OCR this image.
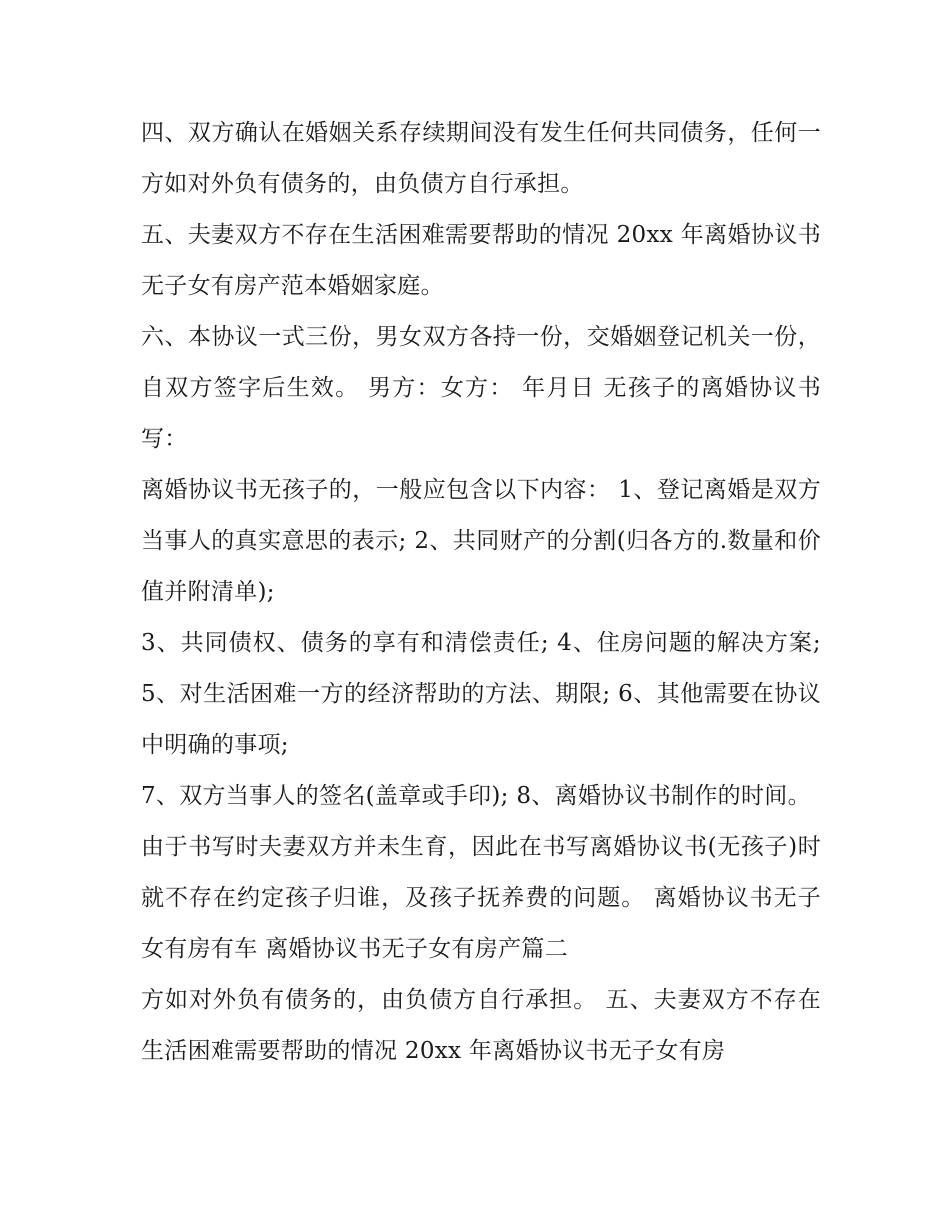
四、双方确认在婚姻关系存续期间没有发生任何共同债务，任何一方如对外负有债务的，由负债方自行承担。

五、夫妻双方不存在生活困难需要帮助的情况 20xx 年离婚协议书无子女有房产范本婚姻家庭。

六、本协议一式三份，男女双方各持一份，交婚姻登记机关一份，自双方签字后生效。 男方：女方： 年月日 无孩子的离婚协议书写：

离婚协议书无孩子的，一般应包含以下内容： 1、登记离婚是双方当事人的真实意思的表示; 2、共同财产的分割(归各方的.数量和价值并附清单);

3、共同债权、债务的享有和清偿责任; 4、住房问题的解决方案; 5、对生活困难一方的经济帮助的方法、期限; 6、其他需要在协议中明确的事项;

7、双方当事人的签名(盖章或手印); 8、离婚协议书制作的时间。

由于书写时夫妻双方并未生育，因此在书写离婚协议书(无孩子)时就不存在约定孩子归谁，及孩子抚养费的问题。 离婚协议书无子女有房有车 离婚协议书无子女有房产篇二

方如对外负有债务的，由负债方自行承担。 五、夫妻双方不存在生活困难需要帮助的情况 20xx 年离婚协议书无子女有房
